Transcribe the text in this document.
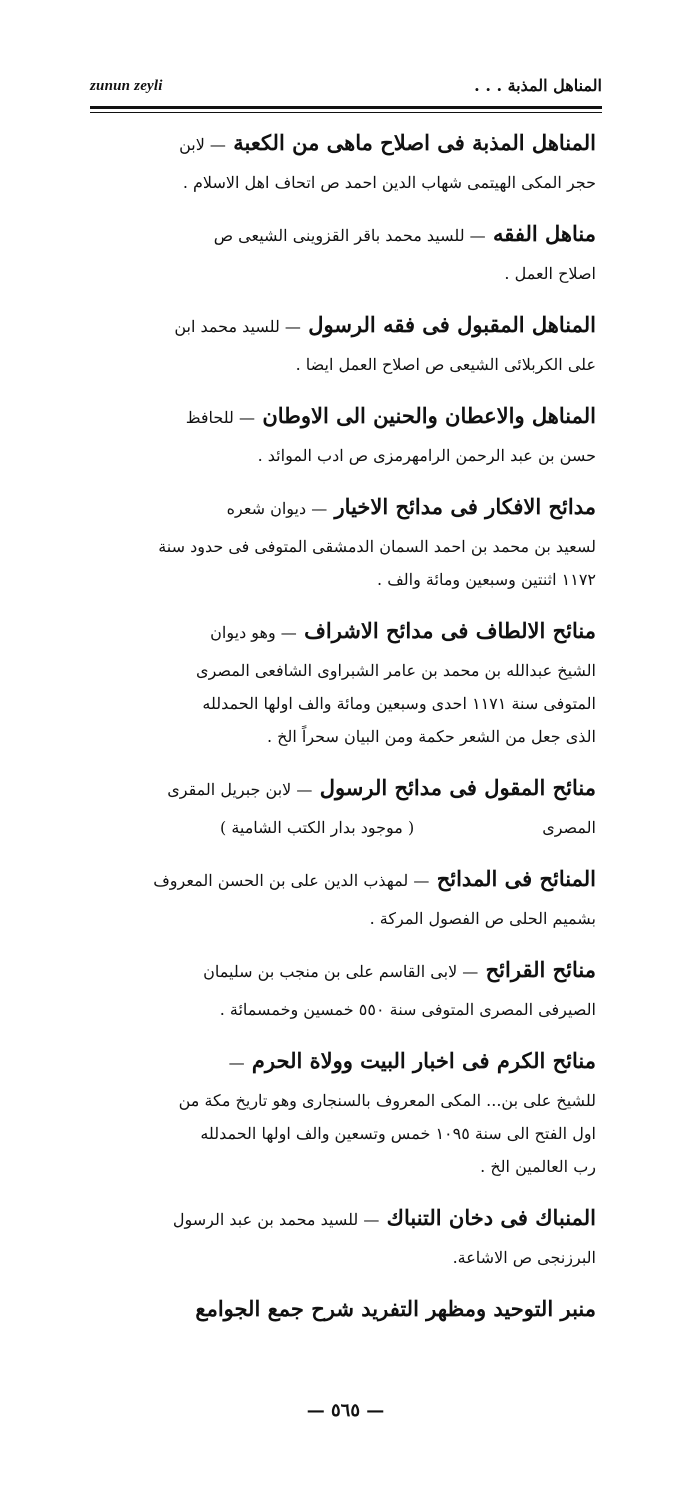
zunun zeyli	المناهل المذبة . . .
المناهل المذبة فى اصلاح ماهى من الكعبة — لابن
حجر المكى الهيتمى شهاب الدين احمد ص اتحاف اهل الاسلام .
مناهل الفقه — للسيد محمد باقر القزوينى الشيعى ص
اصلاح العمل .
المناهل المقبول فى فقه الرسول — للسيد محمد ابن
على الكربلائى الشيعى ص اصلاح العمل ايضا .
المناهل والاعطان والحنين الى الاوطان — للحافظ
حسن بن عبد الرحمن الرامهرمزى ص ادب الموائد .
مدائح الافكار فى مدائح الاخيار — ديوان شعره
لسعيد بن محمد بن احمد السمان الدمشقى المتوفى فى حدود سنة
١١٧٢ اثنتين وسبعين ومائة والف .
منائح الالطاف فى مدائح الاشراف — وهو ديوان
الشيخ عبدالله بن محمد بن عامر الشبراوى الشافعى المصرى
المتوفى سنة ١١٧١ احدى وسبعين ومائة والف اولها الحمدلله
الذى جعل من الشعر حكمة ومن البيان سحراً الخ .
منائح المقول فى مدائح الرسول — لابن جبريل المقرى
المصرى
( موجود بدار الكتب الشامية )
المنائح فى المدائح — لمهذب الدين على بن الحسن المعروف
بشميم الحلى ص الفصول المركة .
منائح القرائح — لابى القاسم على بن منجب بن سليمان
الصيرفى المصرى المتوفى سنة ٥٥٠ خمسين وخمسمائة .
منائح الكرم فى اخبار البيت وولاة الحرم —
للشيخ على بن... المكى المعروف بالسنجارى وهو تاريخ مكة من
اول الفتح الى سنة ١٠٩٥ خمس وتسعين والف اولها الحمدلله
رب العالمين الخ .
المنباك فى دخان التنباك — للسيد محمد بن عبد الرسول
البرزنجى ص الاشاعة.
منبر التوحيد ومظهر التفريد شرح جمع الجوامع
— ٥٦٥ —
